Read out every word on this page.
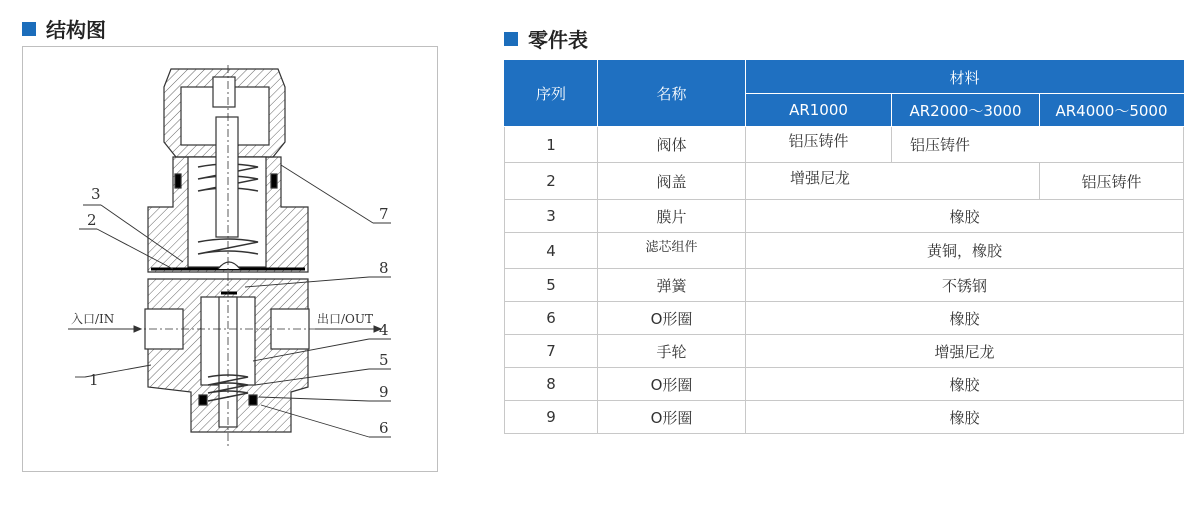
结构图
3
2
1
7
8
4
5
9
6
入口/IN	出口/OUT
零件表
序列	名称	材料		
		AR1000	AR2000～3000	AR4000～5000
1	阀体	铝压铸件	铝压铸件	
2	阀盖	增强尼龙		铝压铸件
3	膜片	橡胶		
4	滤芯组件	黄铜，橡胶		
5	弹簧	不锈钢		
6	O形圈	橡胶		
7	手轮	增强尼龙		
8	O形圈	橡胶		
9	O形圈	橡胶		
